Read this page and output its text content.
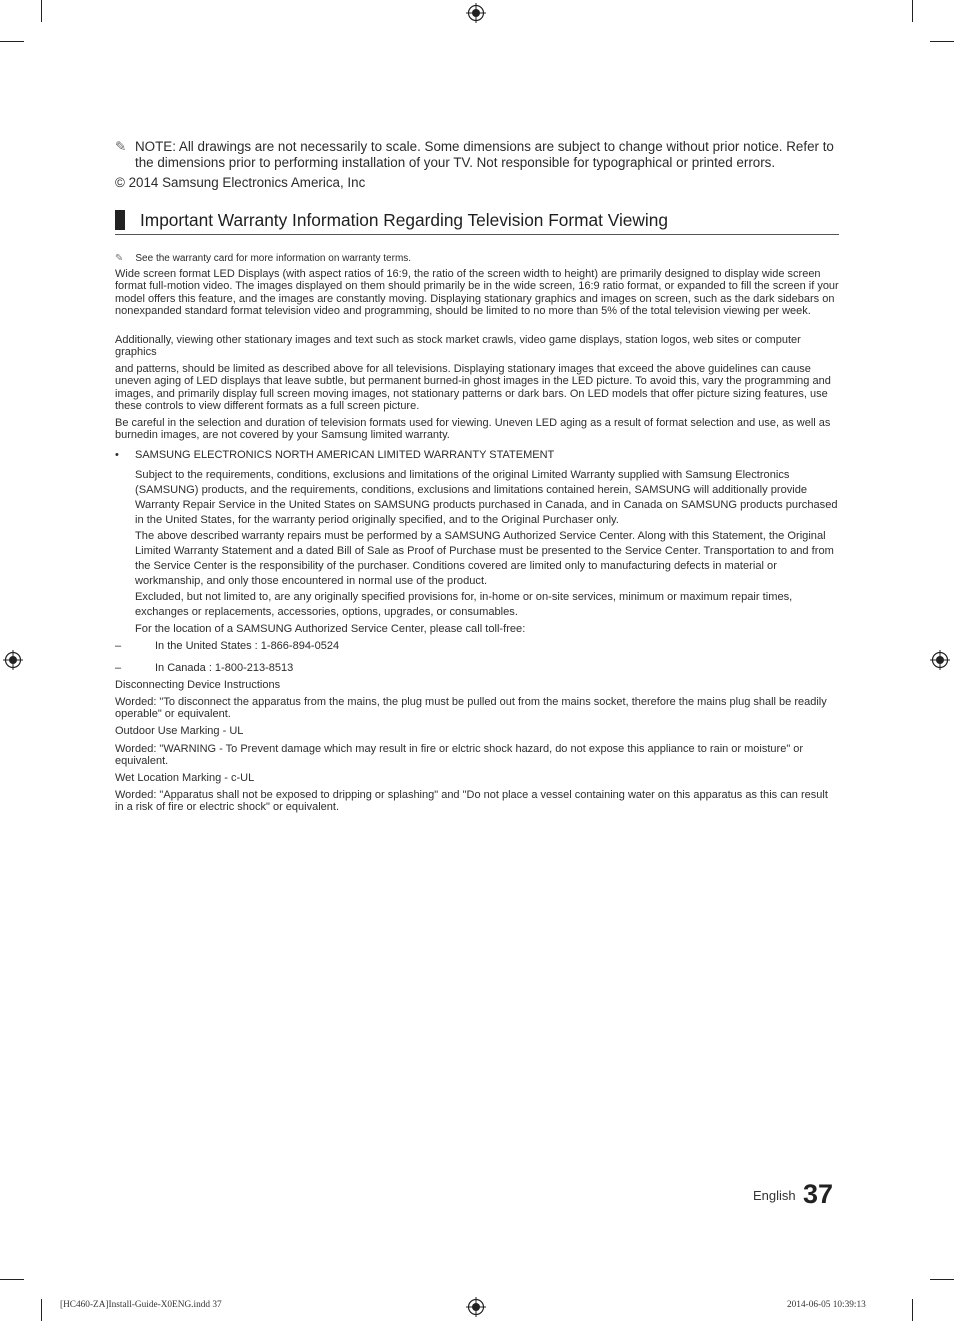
✎ NOTE: All drawings are not necessarily to scale. Some dimensions are subject to change without prior notice. Refer to the dimensions prior to performing installation of your TV. Not responsible for typographical or printed errors.
© 2014 Samsung Electronics America, Inc
Important Warranty Information Regarding Television Format Viewing
✎ See the warranty card for more information on warranty terms.
Wide screen format LED Displays (with aspect ratios of 16:9, the ratio of the screen width to height) are primarily designed to display wide screen format full-motion video. The images displayed on them should primarily be in the wide screen, 16:9 ratio format, or expanded to fill the screen if your model offers this feature, and the images are constantly moving. Displaying stationary graphics and images on screen, such as the dark sidebars on nonexpanded standard format television video and programming, should be limited to no more than 5% of the total television viewing per week.
Additionally, viewing other stationary images and text such as stock market crawls, video game displays, station logos, web sites or computer graphics
and patterns, should be limited as described above for all televisions. Displaying stationary images that exceed the above guidelines can cause uneven aging of LED displays that leave subtle, but permanent burned-in ghost images in the LED picture. To avoid this, vary the programming and images, and primarily display full screen moving images, not stationary patterns or dark bars. On LED models that offer picture sizing features, use these controls to view different formats as a full screen picture.
Be careful in the selection and duration of television formats used for viewing. Uneven LED aging as a result of format selection and use, as well as burnedin images, are not covered by your Samsung limited warranty.
• SAMSUNG ELECTRONICS NORTH AMERICAN LIMITED WARRANTY STATEMENT
Subject to the requirements, conditions, exclusions and limitations of the original Limited Warranty supplied with Samsung Electronics (SAMSUNG) products, and the requirements, conditions, exclusions and limitations contained herein, SAMSUNG will additionally provide Warranty Repair Service in the United States on SAMSUNG products purchased in Canada, and in Canada on SAMSUNG products purchased in the United States, for the warranty period originally specified, and to the Original Purchaser only.
The above described warranty repairs must be performed by a SAMSUNG Authorized Service Center. Along with this Statement, the Original Limited Warranty Statement and a dated Bill of Sale as Proof of Purchase must be presented to the Service Center. Transportation to and from the Service Center is the responsibility of the purchaser. Conditions covered are limited only to manufacturing defects in material or workmanship, and only those encountered in normal use of the product.
Excluded, but not limited to, are any originally specified provisions for, in-home or on-site services, minimum or maximum repair times, exchanges or replacements, accessories, options, upgrades, or consumables.
For the location of a SAMSUNG Authorized Service Center, please call toll-free:
–	In the United States : 1-866-894-0524
–	In Canada : 1-800-213-8513
Disconnecting Device Instructions
Worded: "To disconnect the apparatus from the mains, the plug must be pulled out from the mains socket, therefore the mains plug shall be readily operable" or equivalent.
Outdoor Use Marking - UL
Worded: "WARNING - To Prevent damage which may result in fire or elctric shock hazard, do not expose this appliance to rain or moisture" or equivalent.
Wet Location Marking - c-UL
Worded: "Apparatus shall not be exposed to dripping or splashing" and "Do not place a vessel containing water on this apparatus as this can result in a risk of fire or electric shock" or equivalent.
English 37
[HC460-ZA]Install-Guide-X0ENG.indd 37	2014-06-05 10:39:13
